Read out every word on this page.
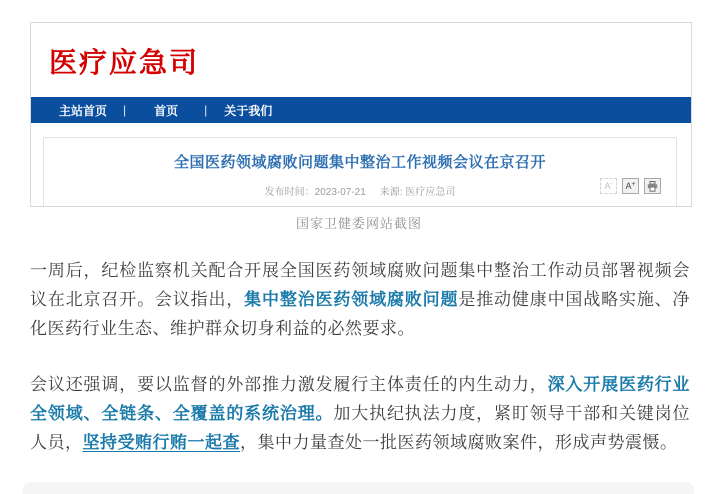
医疗应急司
主站首页 | 首页 | 关于我们
全国医药领域腐败问题集中整治工作视频会议在京召开
发布时间：2023-07-21 来源: 医疗应急司
A- A+
国家卫健委网站截图

一周后，纪检监察机关配合开展全国医药领域腐败问题集中整治工作动员部署视频会议在北京召开。会议指出，集中整治医药领域腐败问题是推动健康中国战略实施、净化医药行业生态、维护群众切身利益的必然要求。

会议还强调，要以监督的外部推力激发履行主体责任的内生动力，深入开展医药行业全领域、全链条、全覆盖的系统治理。加大执纪执法力度，紧盯领导干部和关键岗位人员，坚持受贿行贿一起查，集中力量查处一批医药领域腐败案件，形成声势震慑。
